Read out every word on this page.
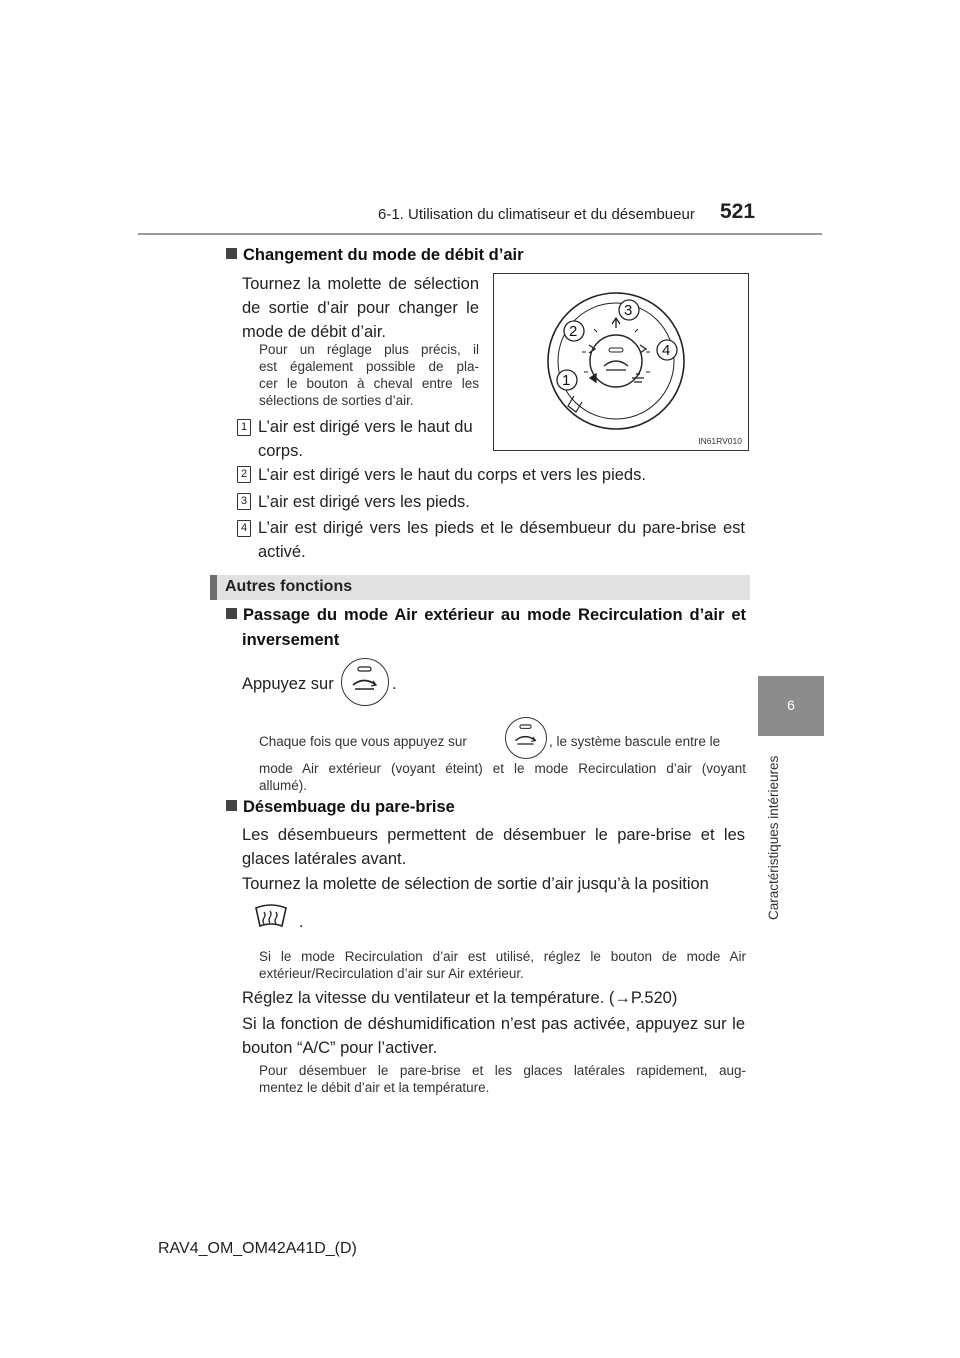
6-1. Utilisation du climatiseur et du désembueur 521
6
Caractéristiques intérieures
Changement du mode de débit d’air
Tournez la molette de sélection
de sortie d’air pour changer le
mode de débit d’air.
Pour un réglage plus précis, il
est également possible de pla-
cer le bouton à cheval entre les
sélections de sorties d’air.
2
3
4
1
IN61RV010
1 L’air est dirigé vers le haut du
corps.
2 L’air est dirigé vers le haut du corps et vers les pieds.
3 L’air est dirigé vers les pieds.
4 L’air est dirigé vers les pieds et le désembueur du pare-brise est
activé.
Autres fonctions
Passage du mode Air extérieur au mode Recirculation d’air et
inversement
Appuyez sur	.
Chaque fois que vous appuyez sur	, le système bascule entre le
mode Air extérieur (voyant éteint) et le mode Recirculation d’air (voyant
allumé).
Désembuage du pare-brise
Les désembueurs permettent de désembuer le pare-brise et les
glaces latérales avant.
Tournez la molette de sélection de sortie d’air jusqu’à la position
.
Si le mode Recirculation d’air est utilisé, réglez le bouton de mode Air
extérieur/Recirculation d’air sur Air extérieur.
Réglez la vitesse du ventilateur et la température. (→P.520)
Si la fonction de déshumidification n’est pas activée, appuyez sur le
bouton “A/C” pour l’activer.
Pour désembuer le pare-brise et les glaces latérales rapidement, aug-
mentez le débit d’air et la température.
RAV4_OM_OM42A41D_(D)
